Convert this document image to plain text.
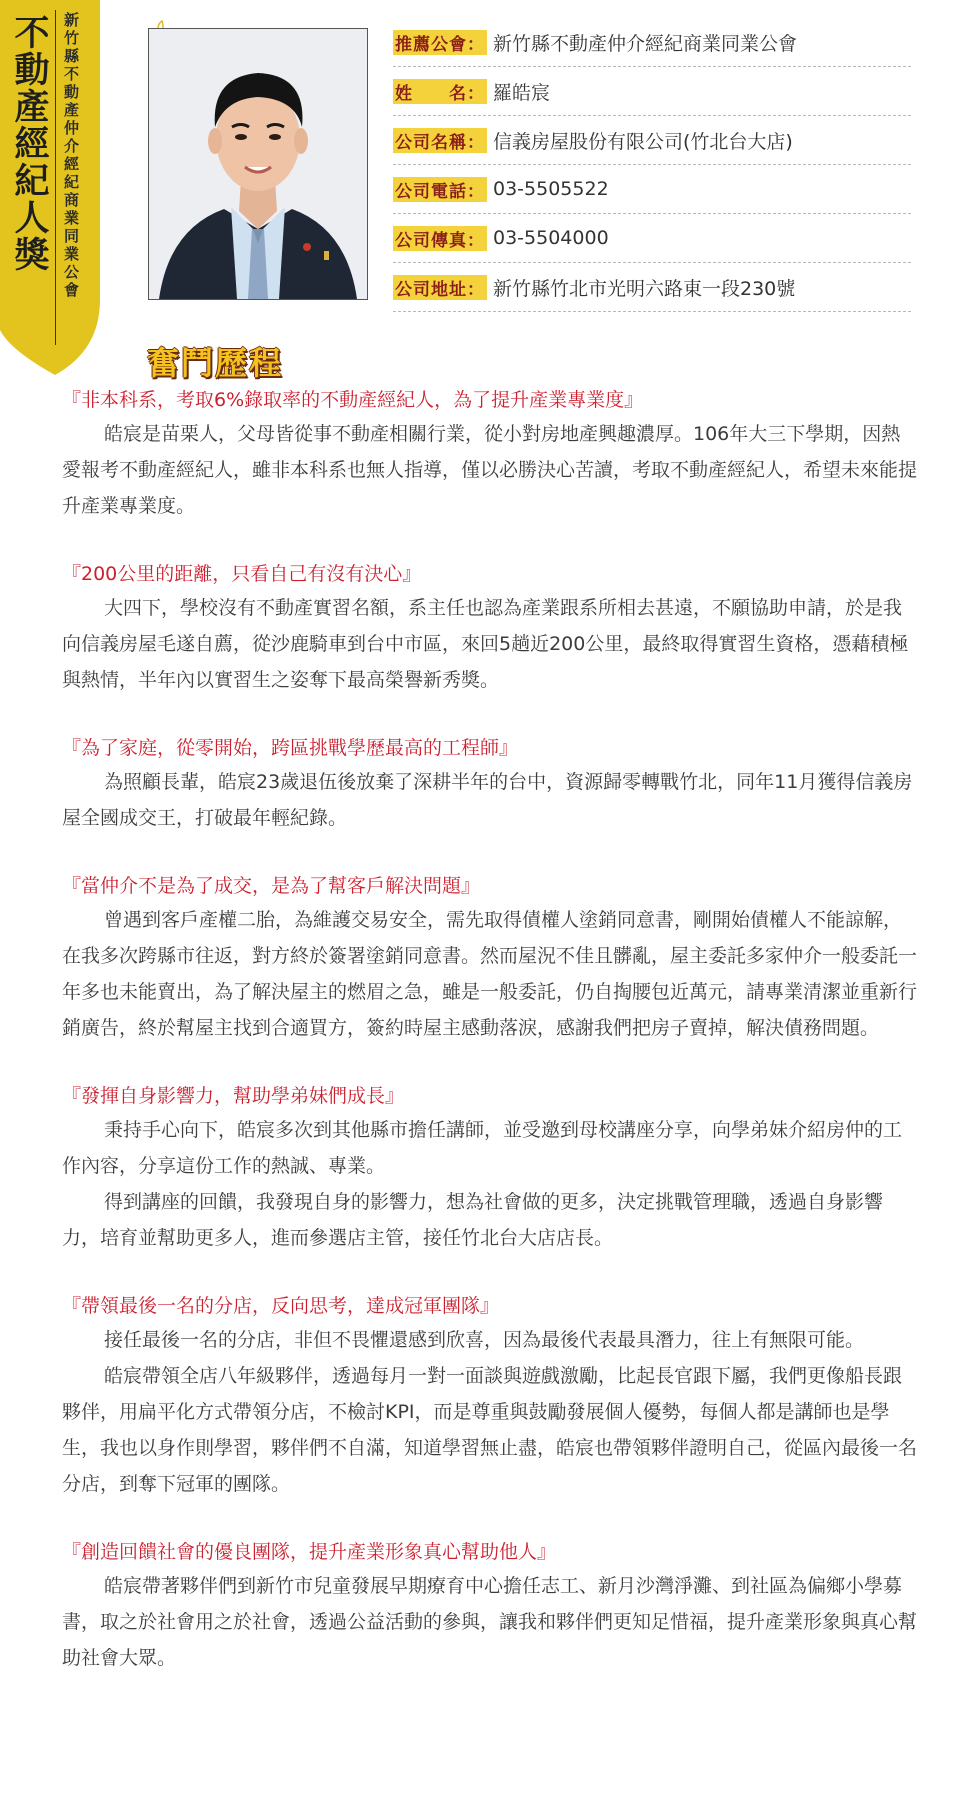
不動產經紀人獎 新竹縣不動產仲介經紀商業同業公會	推薦公會： 新竹縣不動產仲介經紀商業同業公會
姓　　名： 羅皓宸
公司名稱： 信義房屋股份有限公司(竹北台大店)
公司電話： 03-5505522
公司傳真： 03-5504000
公司地址： 新竹縣竹北市光明六路東一段230號
奮鬥歷程
『非本科系，考取6%錄取率的不動產經紀人，為了提升產業專業度』

皓宸是苗栗人，父母皆從事不動產相關行業，從小對房地產興趣濃厚。106年大三下學期，因熱愛報考不動產經紀人，雖非本科系也無人指導，僅以必勝決心苦讀，考取不動產經紀人，希望未來能提升產業專業度。

『200公里的距離，只看自己有沒有決心』

大四下，學校沒有不動產實習名額，系主任也認為產業跟系所相去甚遠，不願協助申請，於是我向信義房屋毛遂自薦，從沙鹿騎車到台中市區，來回5趟近200公里，最終取得實習生資格，憑藉積極與熱情，半年內以實習生之姿奪下最高榮譽新秀獎。

『為了家庭，從零開始，跨區挑戰學歷最高的工程師』

為照顧長輩，皓宸23歲退伍後放棄了深耕半年的台中，資源歸零轉戰竹北，同年11月獲得信義房屋全國成交王，打破最年輕紀錄。

『當仲介不是為了成交，是為了幫客戶解決問題』

曾遇到客戶產權二胎，為維護交易安全，需先取得債權人塗銷同意書，剛開始債權人不能諒解，在我多次跨縣市往返，對方終於簽署塗銷同意書。然而屋況不佳且髒亂，屋主委託多家仲介一般委託一年多也未能賣出，為了解決屋主的燃眉之急，雖是一般委託，仍自掏腰包近萬元，請專業清潔並重新行銷廣告，終於幫屋主找到合適買方，簽約時屋主感動落淚，感謝我們把房子賣掉，解決債務問題。

『發揮自身影響力，幫助學弟妹們成長』

秉持手心向下，皓宸多次到其他縣市擔任講師，並受邀到母校講座分享，向學弟妹介紹房仲的工作內容，分享這份工作的熱誠、專業。

得到講座的回饋，我發現自身的影響力，想為社會做的更多，決定挑戰管理職，透過自身影響力，培育並幫助更多人，進而參選店主管，接任竹北台大店店長。

『帶領最後一名的分店，反向思考，達成冠軍團隊』

接任最後一名的分店，非但不畏懼還感到欣喜，因為最後代表最具潛力，往上有無限可能。

皓宸帶領全店八年級夥伴，透過每月一對一面談與遊戲激勵，比起長官跟下屬，我們更像船長跟夥伴，用扁平化方式帶領分店，不檢討KPI，而是尊重與鼓勵發展個人優勢，每個人都是講師也是學生，我也以身作則學習，夥伴們不自滿，知道學習無止盡，皓宸也帶領夥伴證明自己，從區內最後一名分店，到奪下冠軍的團隊。

『創造回饋社會的優良團隊，提升產業形象真心幫助他人』

皓宸帶著夥伴們到新竹市兒童發展早期療育中心擔任志工、新月沙灣淨灘、到社區為偏鄉小學募書，取之於社會用之於社會，透過公益活動的參與，讓我和夥伴們更知足惜福，提升產業形象與真心幫助社會大眾。
